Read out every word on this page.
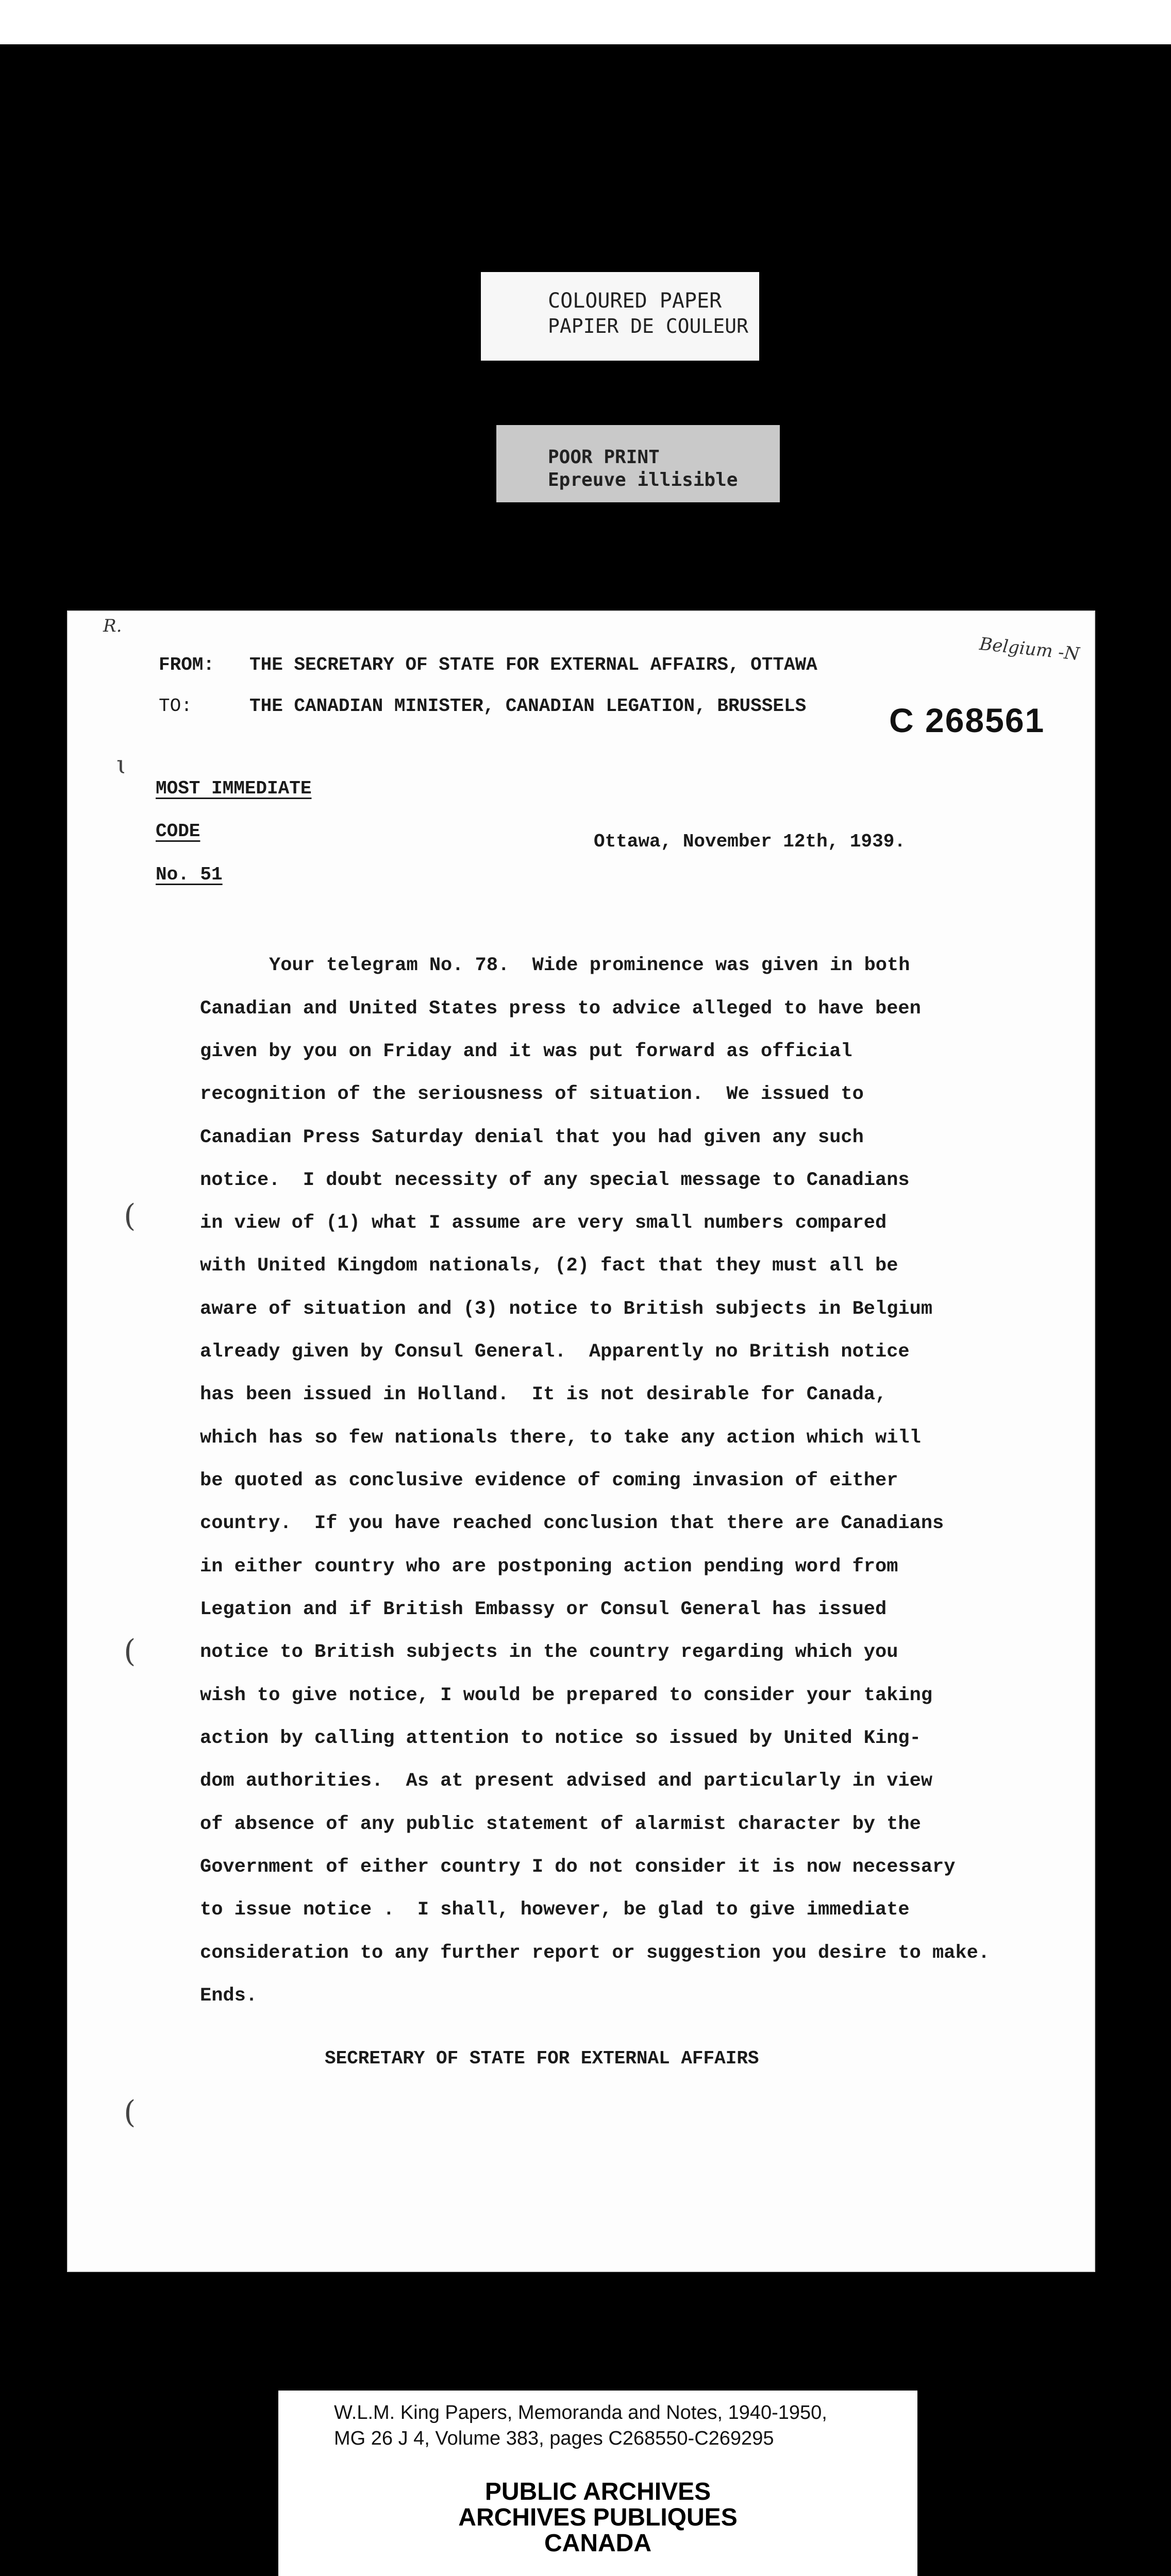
COLOURED PAPER
PAPIER DE COULEUR
POOR PRINT
Epreuve illisible
R.
Belgium -N
FROM: THE SECRETARY OF STATE FOR EXTERNAL AFFAIRS, OTTAWA
TO:	THE CANADIAN MINISTER, CANADIAN LEGATION, BRUSSELS C 268561
ɩ
MOST IMMEDIATE
CODE
No. 51
Ottawa, November 12th, 1939.
Your telegram No. 78.  Wide prominence was given in both
Canadian and United States press to advice alleged to have been
given by you on Friday and it was put forward as official
recognition of the seriousness of situation.  We issued to
Canadian Press Saturday denial that you had given any such
notice.  I doubt necessity of any special message to Canadians
in view of (1) what I assume are very small numbers compared
with United Kingdom nationals, (2) fact that they must all be
aware of situation and (3) notice to British subjects in Belgium
already given by Consul General.  Apparently no British notice
has been issued in Holland.  It is not desirable for Canada,
which has so few nationals there, to take any action which will
be quoted as conclusive evidence of coming invasion of either
country.  If you have reached conclusion that there are Canadians
in either country who are postponing action pending word from
Legation and if British Embassy or Consul General has issued
notice to British subjects in the country regarding which you
wish to give notice, I would be prepared to consider your taking
action by calling attention to notice so issued by United King-
dom authorities.  As at present advised and particularly in view
of absence of any public statement of alarmist character by the
Government of either country I do not consider it is now necessary
to issue notice .  I shall, however, be glad to give immediate
consideration to any further report or suggestion you desire to make.
Ends.
(
(
(
SECRETARY OF STATE FOR EXTERNAL AFFAIRS
W.L.M. King Papers, Memoranda and Notes, 1940-1950,
MG 26 J 4, Volume 383, pages C268550-C269295
PUBLIC ARCHIVES
ARCHIVES PUBLIQUES
CANADA
